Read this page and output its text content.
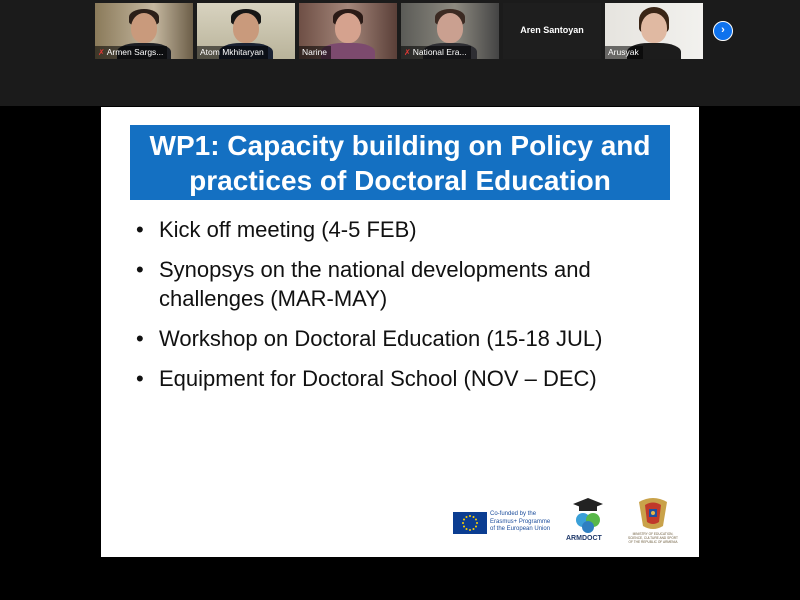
✗ Armen Sargs...	Atom Mkhitaryan	Narine	✗ National Era...
Aren Santoyan
Arusyak
›
WP1: Capacity building on Policy and
practices of Doctoral Education
• Kick off meeting (4-5 FEB)
• Synopsys on the national developments and challenges (MAR-MAY)
• Workshop on Doctoral Education (15-18 JUL)
• Equipment for Doctoral School (NOV – DEC)
Co-funded by the
Erasmus+ Programme
of the European Union
ARMDOCT
MINISTRY OF EDUCATION, SCIENCE, CULTURE AND SPORT OF THE REPUBLIC OF ARMENIA
